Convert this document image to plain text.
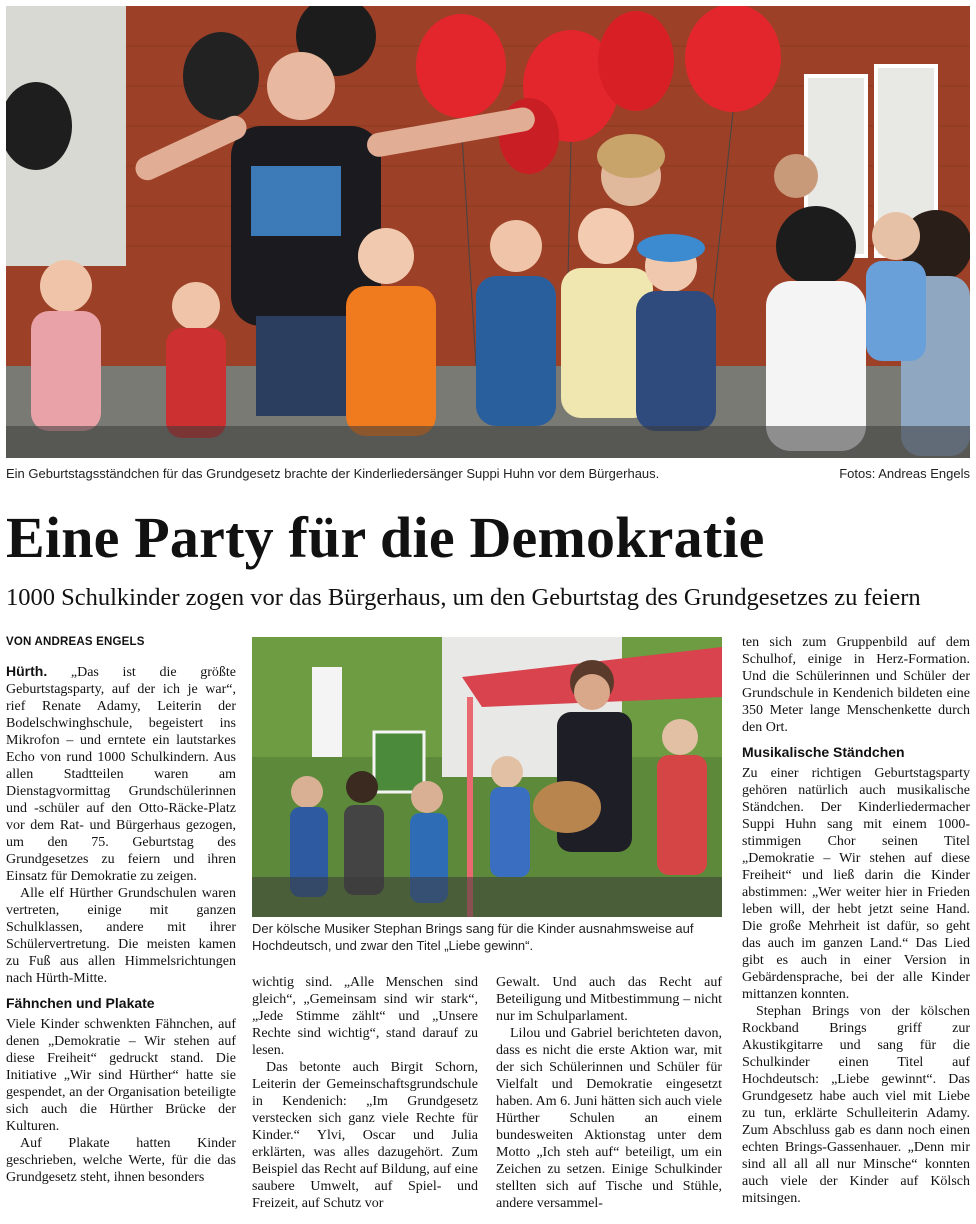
Ein Geburtstagsständchen für das Grundgesetz brachte der Kinderliedersänger Suppi Huhn vor dem Bürgerhaus.	Fotos: Andreas Engels
Eine Party für die Demokratie
1000 Schulkinder zogen vor das Bürgerhaus, um den Geburtstag des Grundgesetzes zu feiern
VON ANDREAS ENGELS

Hürth. „Das ist die größte Geburtstagsparty, auf der ich je war“, rief Renate Adamy, Leiterin der Bodelschwinghschule, begeistert ins Mikrofon – und erntete ein lautstarkes Echo von rund 1000 Schulkindern. Aus allen Stadtteilen waren am Dienstagvormittag Grundschülerinnen und -schüler auf den Otto-Räcke-Platz vor dem Rat- und Bürgerhaus gezogen, um den 75. Geburtstag des Grundgesetzes zu feiern und ihren Einsatz für Demokratie zu zeigen.

Alle elf Hürther Grundschulen waren vertreten, einige mit ganzen Schulklassen, andere mit ihrer Schülervertretung. Die meisten kamen zu Fuß aus allen Himmelsrichtungen nach Hürth-Mitte.

Fähnchen und Plakate

Viele Kinder schwenkten Fähnchen, auf denen „Demokratie – Wir stehen auf diese Freiheit“ gedruckt stand. Die Initiative „Wir sind Hürther“ hatte sie gespendet, an der Organisation beteiligte sich auch die Hürther Brücke der Kulturen.

Auf Plakate hatten Kinder geschrieben, welche Werte, für die das Grundgesetz steht, ihnen besonders

Der kölsche Musiker Stephan Brings sang für die Kinder ausnahmsweise auf Hochdeutsch, und zwar den Titel „Liebe gewinn“.

wichtig sind. „Alle Menschen sind gleich“, „Gemeinsam sind wir stark“, „Jede Stimme zählt“ und „Unsere Rechte sind wichtig“, stand darauf zu lesen.

Das betonte auch Birgit Schorn, Leiterin der Gemeinschaftsgrundschule in Kendenich: „Im Grundgesetz verstecken sich ganz viele Rechte für Kinder.“ Ylvi, Oscar und Julia erklärten, was alles dazugehört. Zum Beispiel das Recht auf Bildung, auf eine saubere Umwelt, auf Spiel- und Freizeit, auf Schutz vor

Gewalt. Und auch das Recht auf Beteiligung und Mitbestimmung – nicht nur im Schulparlament.

Lilou und Gabriel berichteten davon, dass es nicht die erste Aktion war, mit der sich Schülerinnen und Schüler für Vielfalt und Demokratie eingesetzt haben. Am 6. Juni hätten sich auch viele Hürther Schulen an einem bundesweiten Aktionstag unter dem Motto „Ich steh auf“ beteiligt, um ein Zeichen zu setzen. Einige Schulkinder stellten sich auf Tische und Stühle, andere versammel-

ten sich zum Gruppenbild auf dem Schulhof, einige in Herz-Formation. Und die Schülerinnen und Schüler der Grundschule in Kendenich bildeten eine 350 Meter lange Menschenkette durch den Ort.

Musikalische Ständchen

Zu einer richtigen Geburtstagsparty gehören natürlich auch musikalische Ständchen. Der Kinderliedermacher Suppi Huhn sang mit einem 1000-stimmigen Chor seinen Titel „Demokratie – Wir stehen auf diese Freiheit“ und ließ darin die Kinder abstimmen: „Wer weiter hier in Frieden leben will, der hebt jetzt seine Hand. Die große Mehrheit ist dafür, so geht das auch im ganzen Land.“ Das Lied gibt es auch in einer Version in Gebärdensprache, bei der alle Kinder mittanzen konnten.

Stephan Brings von der kölschen Rockband Brings griff zur Akustikgitarre und sang für die Schulkinder einen Titel auf Hochdeutsch: „Liebe gewinnt“. Das Grundgesetz habe auch viel mit Liebe zu tun, erklärte Schulleiterin Adamy. Zum Abschluss gab es dann noch einen echten Brings-Gassenhauer. „Denn mir sind all all all nur Minsche“ konnten auch viele der Kinder auf Kölsch mitsingen.
